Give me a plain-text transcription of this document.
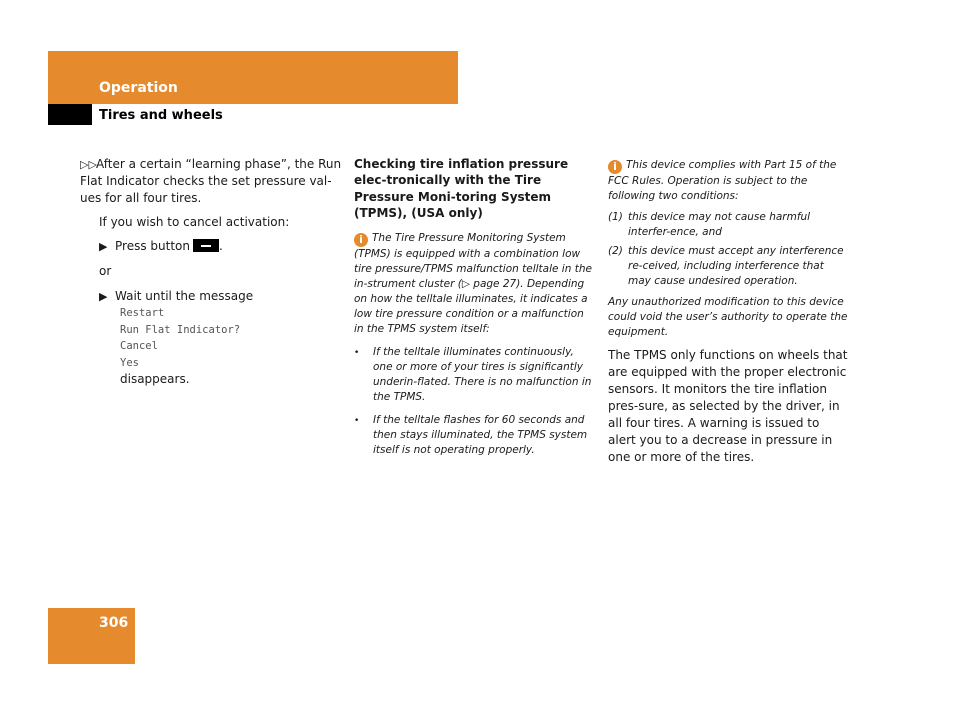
Operation
Tires and wheels

▷▷After a certain “learning phase”, the Run Flat Indicator checks the set pressure val-ues for all four tires.

If you wish to cancel activation:

▶ Press button .

or

▶ Wait until the message

Restart
Run Flat Indicator?
Cancel
Yes
disappears.

Checking tire inflation pressure elec-tronically with the Tire Pressure Moni-toring System (TPMS), (USA only)

i The Tire Pressure Monitoring System (TPMS) is equipped with a combination low tire pressure/TPMS malfunction telltale in the in-strument cluster (▷ page 27). Depending on how the telltale illuminates, it indicates a low tire pressure condition or a malfunction in the TPMS system itself:

•	If the telltale illuminates continuously, one or more of your tires is significantly underin-flated. There is no malfunction in the TPMS.
•	If the telltale flashes for 60 seconds and then stays illuminated, the TPMS system itself is not operating properly.

i This device complies with Part 15 of the FCC Rules. Operation is subject to the following two conditions:

(1) this device may not cause harmful interfer-ence, and
(2) this device must accept any interference re-ceived, including interference that may cause undesired operation.

Any unauthorized modification to this device could void the user’s authority to operate the equipment.

The TPMS only functions on wheels that are equipped with the proper electronic sensors. It monitors the tire inflation pres-sure, as selected by the driver, in all four tires. A warning is issued to alert you to a decrease in pressure in one or more of the tires.

306
